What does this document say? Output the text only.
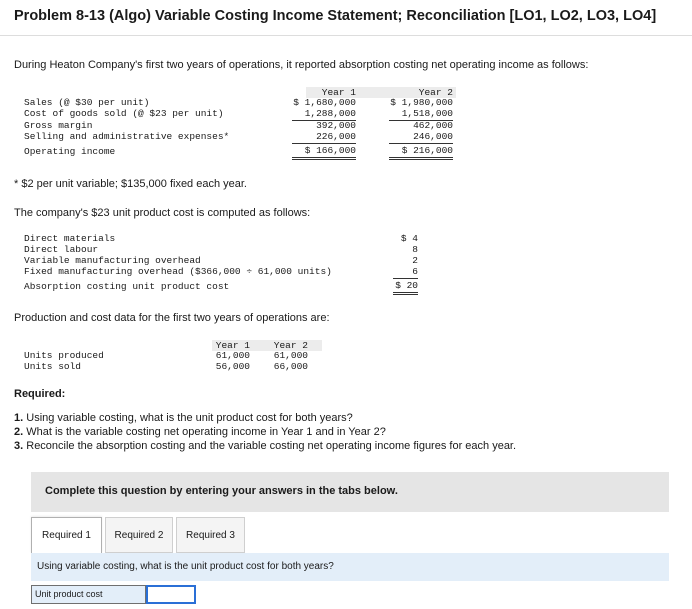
Problem 8-13 (Algo) Variable Costing Income Statement; Reconciliation [LO1, LO2, LO3, LO4]
During Heaton Company's first two years of operations, it reported absorption costing net operating income as follows:
Year 1	Year 2
Sales (@ $30 per unit)	$ 1,680,000	$ 1,980,000
Cost of goods sold (@ $23 per unit)	1,288,000	1,518,000
Gross margin	392,000	462,000
Selling and administrative expenses*	226,000	246,000
Operating income	$ 166,000	$ 216,000
* $2 per unit variable; $135,000 fixed each year.
The company's $23 unit product cost is computed as follows:
Direct materials	$ 4
Direct labour	8
Variable manufacturing overhead	2
Fixed manufacturing overhead ($366,000 ÷ 61,000 units)	6
Absorption costing unit product cost	$ 20
Production and cost data for the first two years of operations are:
Year 1	Year 2
Units produced	61,000	61,000
Units sold	56,000	66,000
Required:
1. Using variable costing, what is the unit product cost for both years?
2. What is the variable costing net operating income in Year 1 and in Year 2?
3. Reconcile the absorption costing and the variable costing net operating income figures for each year.
Complete this question by entering your answers in the tabs below.
Required 1	Required 2	Required 3
Using variable costing, what is the unit product cost for both years?
Unit product cost
